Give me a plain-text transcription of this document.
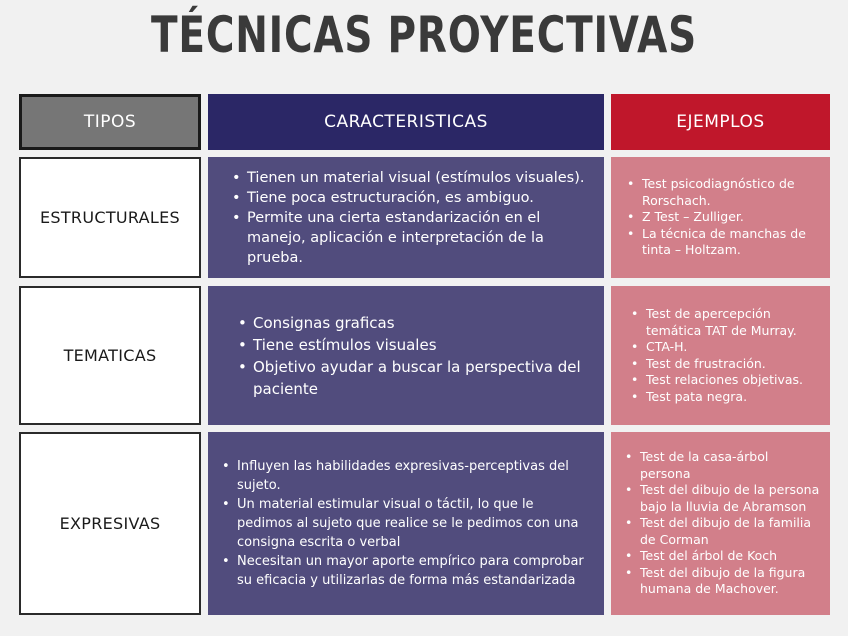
TÉCNICAS PROYECTIVAS
TIPOS	CARACTERISTICAS	EJEMPLOS
ESTRUCTURALES
• Tienen un material visual (estímulos visuales).
• Tiene poca estructuración, es ambiguo.
• Permite una cierta estandarización en el manejo, aplicación e interpretación de la prueba.
• Test psicodiagnóstico de Rorschach.
• Z Test – Zulliger.
• La técnica de manchas de tinta – Holtzam.
TEMATICAS
• Consignas graficas
• Tiene estímulos visuales
• Objetivo ayudar a buscar la perspectiva del paciente
• Test de apercepción temática TAT de Murray.
• CTA-H.
• Test de frustración.
• Test relaciones objetivas.
• Test pata negra.
EXPRESIVAS
• Influyen las habilidades expresivas-perceptivas del sujeto.
• Un material estimular visual o táctil, lo que le pedimos al sujeto que realice se le pedimos con una consigna escrita o verbal
• Necesitan un mayor aporte empírico para comprobar su eficacia y utilizarlas de forma más estandarizada
• Test de la casa-árbol persona
• Test del dibujo de la persona bajo la lluvia de Abramson
• Test del dibujo de la familia de Corman
• Test del árbol de Koch
• Test del dibujo de la figura humana de Machover.
